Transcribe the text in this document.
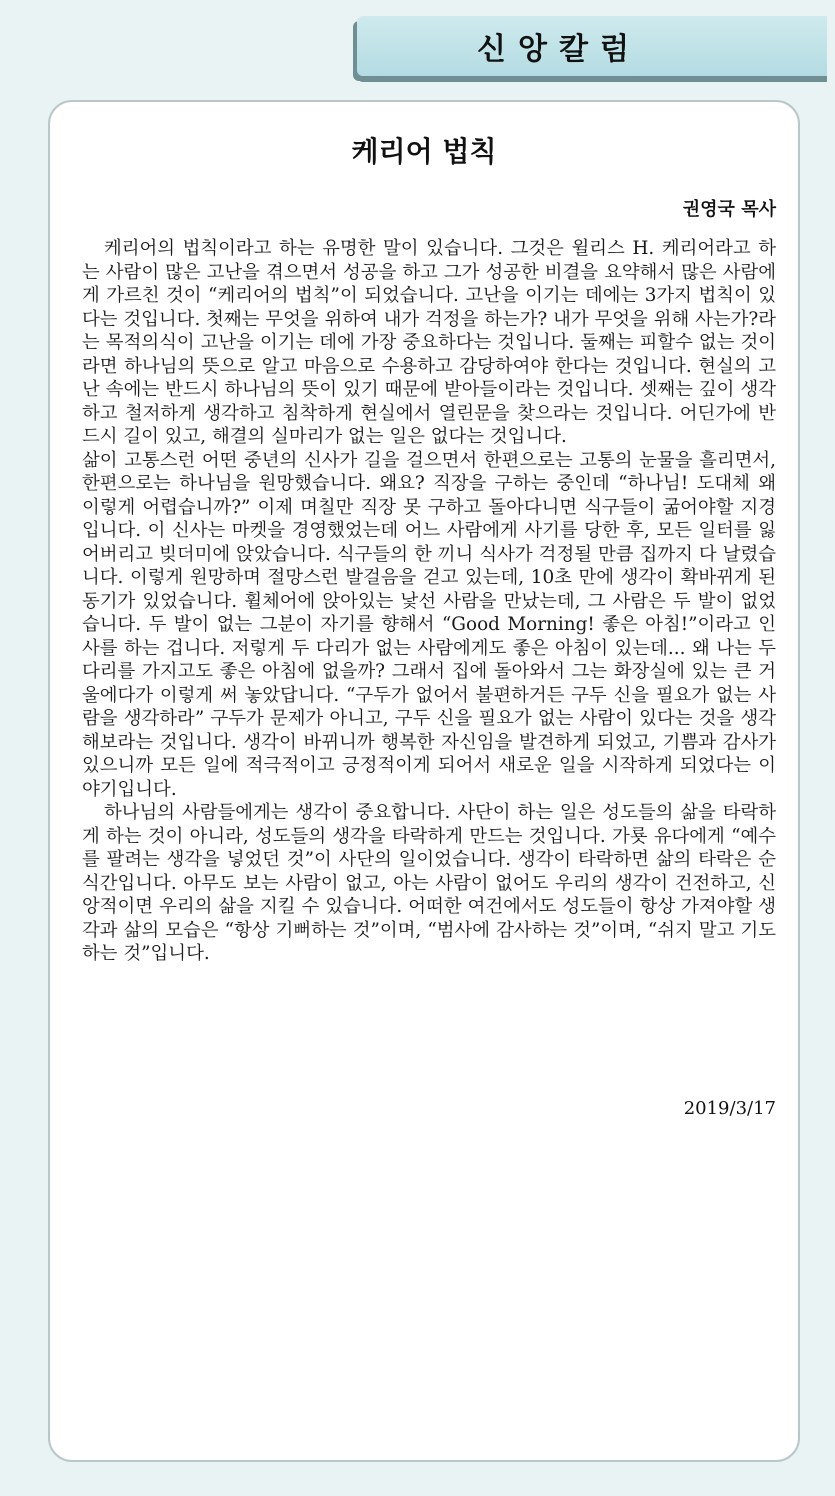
신앙칼럼
케리어 법칙
권영국 목사

케리어의 법칙이라고 하는 유명한 말이 있습니다. 그것은 윌리스 H. 케리어라고 하는 사람이 많은 고난을 겪으면서 성공을 하고 그가 성공한 비결을 요약해서 많은 사람에게 가르친 것이 “케리어의 법칙”이 되었습니다. 고난을 이기는 데에는 3가지 법칙이 있다는 것입니다. 첫째는 무엇을 위하여 내가 걱정을 하는가? 내가 무엇을 위해 사는가?라는 목적의식이 고난을 이기는 데에 가장 중요하다는 것입니다. 둘째는 피할수 없는 것이라면 하나님의 뜻으로 알고 마음으로 수용하고 감당하여야 한다는 것입니다. 현실의 고난 속에는 반드시 하나님의 뜻이 있기 때문에 받아들이라는 것입니다. 셋째는 깊이 생각하고 철저하게 생각하고 침착하게 현실에서 열린문을 찾으라는 것입니다. 어딘가에 반드시 길이 있고, 해결의 실마리가 없는 일은 없다는 것입니다.

삶이 고통스런 어떤 중년의 신사가 길을 걸으면서 한편으로는 고통의 눈물을 흘리면서, 한편으로는 하나님을 원망했습니다. 왜요? 직장을 구하는 중인데 “하나님! 도대체 왜 이렇게 어렵습니까?” 이제 며칠만 직장 못 구하고 돌아다니면 식구들이 굶어야할 지경입니다. 이 신사는 마켓을 경영했었는데 어느 사람에게 사기를 당한 후, 모든 일터를 잃어버리고 빚더미에 앉았습니다. 식구들의 한 끼니 식사가 걱정될 만큼 집까지 다 날렸습니다. 이렇게 원망하며 절망스런 발걸음을 걷고 있는데, 10초 만에 생각이 확바뀌게 된 동기가 있었습니다. 휠체어에 앉아있는 낯선 사람을 만났는데, 그 사람은 두 발이 없었습니다. 두 발이 없는 그분이 자기를 향해서 “Good Morning! 좋은 아침!”이라고 인사를 하는 겁니다. 저렇게 두 다리가 없는 사람에게도 좋은 아침이 있는데... 왜 나는 두 다리를 가지고도 좋은 아침에 없을까? 그래서 집에 돌아와서 그는 화장실에 있는 큰 거울에다가 이렇게 써 놓았답니다. “구두가 없어서 불편하거든 구두 신을 필요가 없는 사람을 생각하라” 구두가 문제가 아니고, 구두 신을 필요가 없는 사람이 있다는 것을 생각해보라는 것입니다. 생각이 바뀌니까 행복한 자신임을 발견하게 되었고, 기쁨과 감사가 있으니까 모든 일에 적극적이고 긍정적이게 되어서 새로운 일을 시작하게 되었다는 이야기입니다.

하나님의 사람들에게는 생각이 중요합니다. 사단이 하는 일은 성도들의 삶을 타락하게 하는 것이 아니라, 성도들의 생각을 타락하게 만드는 것입니다. 가룟 유다에게 “예수를 팔려는 생각을 넣었던 것”이 사단의 일이었습니다. 생각이 타락하면 삶의 타락은 순식간입니다. 아무도 보는 사람이 없고, 아는 사람이 없어도 우리의 생각이 건전하고, 신앙적이면 우리의 삶을 지킬 수 있습니다. 어떠한 여건에서도 성도들이 항상 가져야할 생각과 삶의 모습은 “항상 기뻐하는 것”이며, “범사에 감사하는 것”이며, “쉬지 말고 기도하는 것”입니다.

2019/3/17
